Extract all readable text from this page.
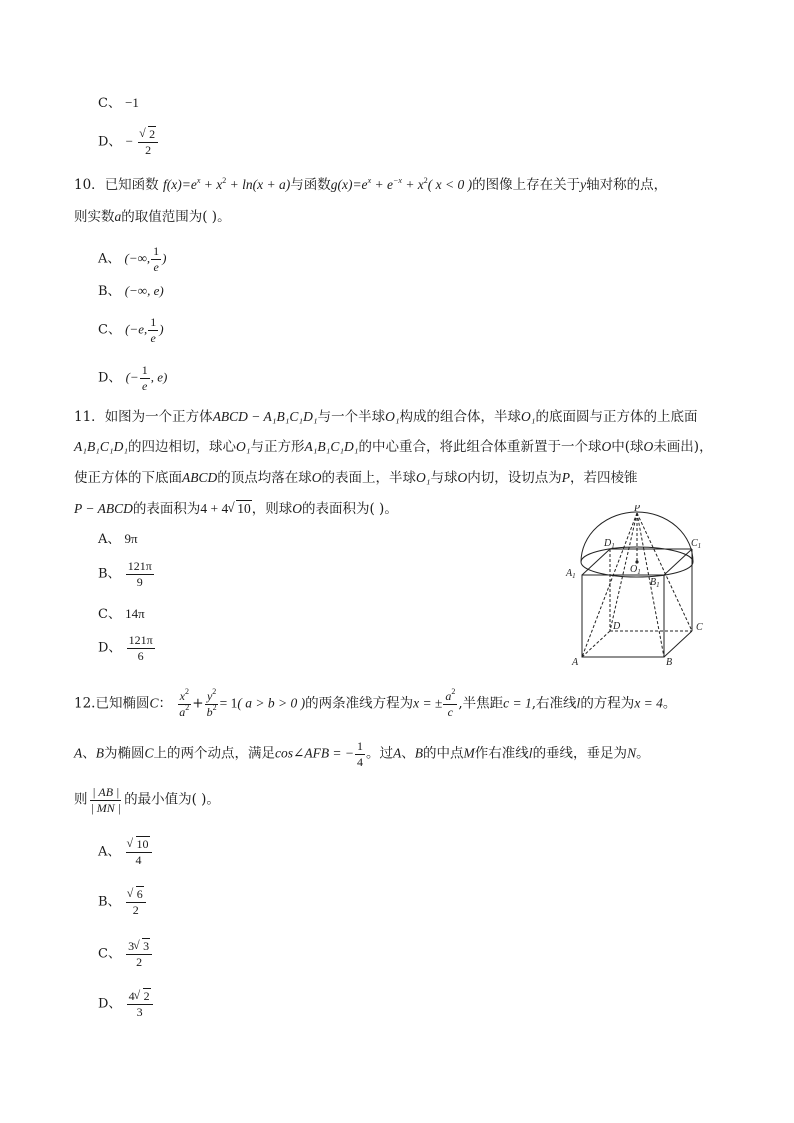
C、 −1
D、 − √ $\frac{2}{2}$
10．已知函数 $f(x)=e^x + x^2 + \ln(x + a)$与函数$g(x)=e^x + e^{-x} + x^2$( x < 0 )的图像上存在关于y轴对称的点，
则实数a的取值范围为( )。
A、 (−∞, $\frac{1}{e}$ )
B、 (−∞, e)
C、 (−e, $\frac{1}{e}$ )
D、 (− $\frac{1}{e}$ , e)
11．如图为一个正方体ABCD − A₁B₁C₁D₁与一个半球O₁构成的组合体，半球O₁的底面圆与正方体的上底面
A₁B₁C₁D₁的四边相切，球心O₁与正方形A₁B₁C₁D₁的中心重合，将此组合体重新置于一个球O中(球O未画出)，
使正方体的下底面ABCD的顶点均落在球O的表面上，半球O₁与球O内切，设切点为P，若四棱锥
P − ABCD的表面积为4 + 4 √ 10，则球O的表面积为( )。
A、 9π
B、 $\frac{121\pi}{9}$
C、 14π
D、 $\frac{121\pi}{6}$
P
$D_1$	$C_1$
$A_1$
$O_1$
$B_1$
D	C
A	B
12.已知椭圆C： $\frac{x^2}{a^2} + \frac{y^2}{b^2} = 1$( a > b > 0 )的两条准线方程为x = ± $\frac{a^2}{c}$ ,半焦距c = 1,右准线l的方程为x = 4。
A、B为椭圆C上的两个动点，满足cos∠AFB = − $\frac{1}{4}$ 。过A、B的中点M作右准线l的垂线，垂足为N。
则 $\frac{| AB |}{| MN |}$ 的最小值为( )。
A、 √ $\frac{10}{4}$
B、 √ $\frac{6}{2}$
C、 $\frac{3 √ 3}{2}$
D、 $\frac{4 √ 2}{3}$
